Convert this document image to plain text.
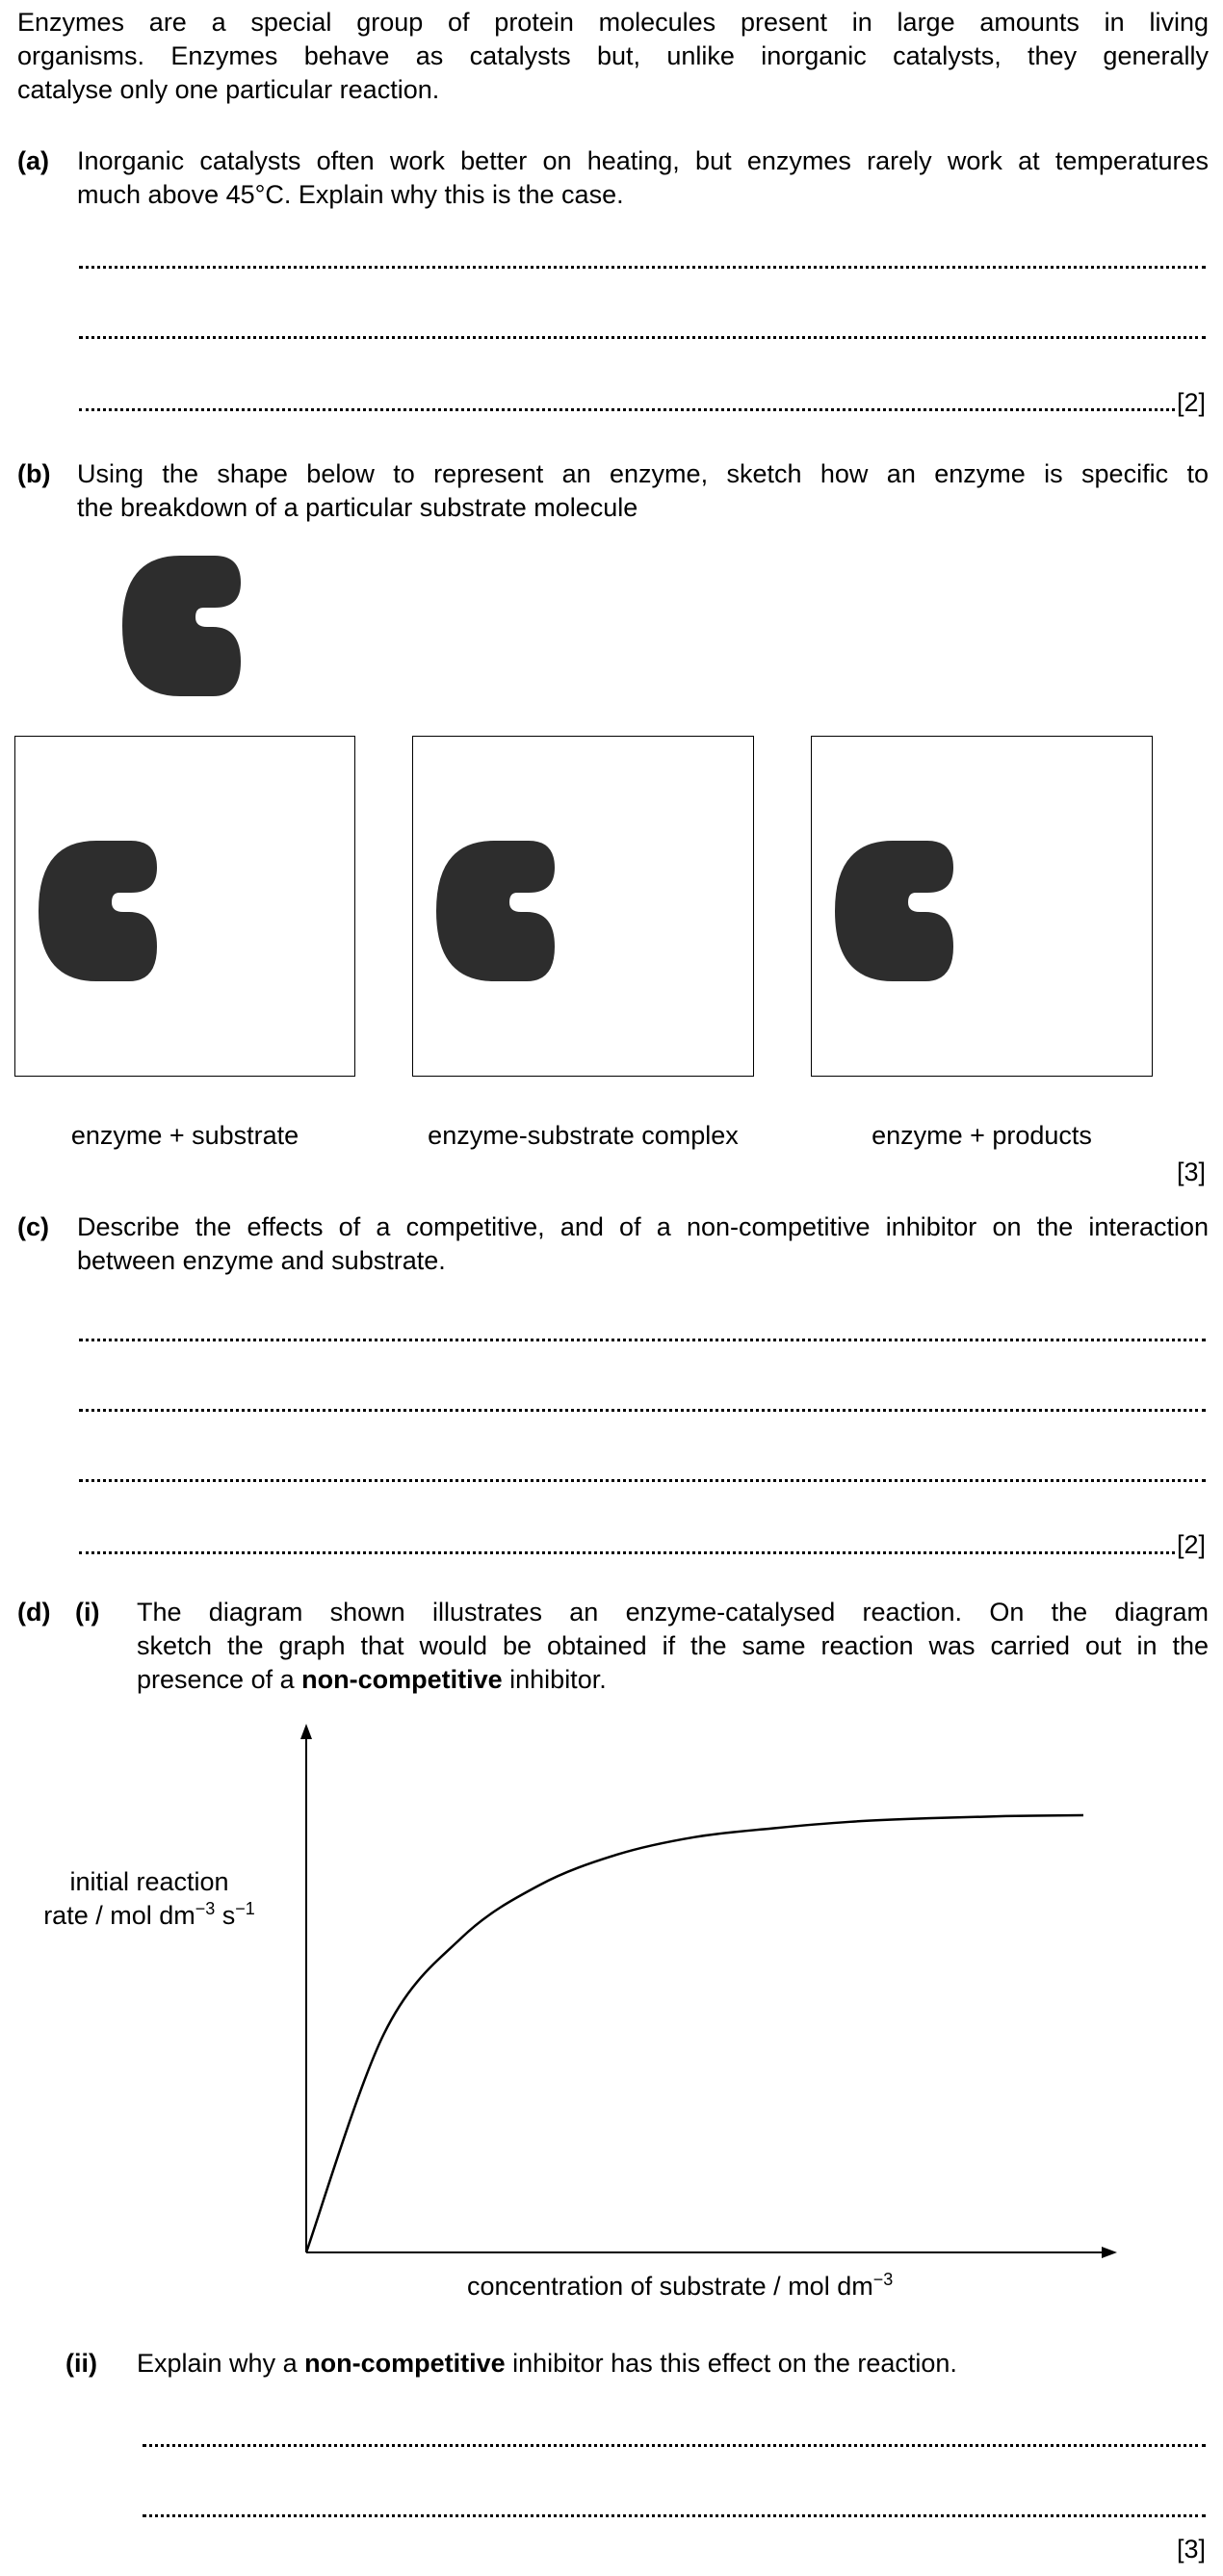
Enzymes are a special group of protein molecules present in large amounts in living
organisms. Enzymes behave as catalysts but, unlike inorganic catalysts, they generally
catalyse only one particular reaction.
(a) Inorganic catalysts often work better on heating, but enzymes rarely work at temperatures
much above 45°C. Explain why this is the case.
[2]
(b) Using the shape below to represent an enzyme, sketch how an enzyme is specific to
the breakdown of a particular substrate molecule
enzyme + substrate	enzyme-substrate complex	enzyme + products
[3]
(c) Describe the effects of a competitive, and of a non-competitive inhibitor on the interaction
between enzyme and substrate.
[2]
(d) (i) The diagram shown illustrates an enzyme-catalysed reaction. On the diagram
sketch the graph that would be obtained if the same reaction was carried out in the
presence of a non-competitive inhibitor.
initial reaction
rate / mol $dm^{-3}$ $s^{-1}$
concentration of substrate / mol $dm^{-3}$
(ii) Explain why a non-competitive inhibitor has this effect on the reaction.
[3]
